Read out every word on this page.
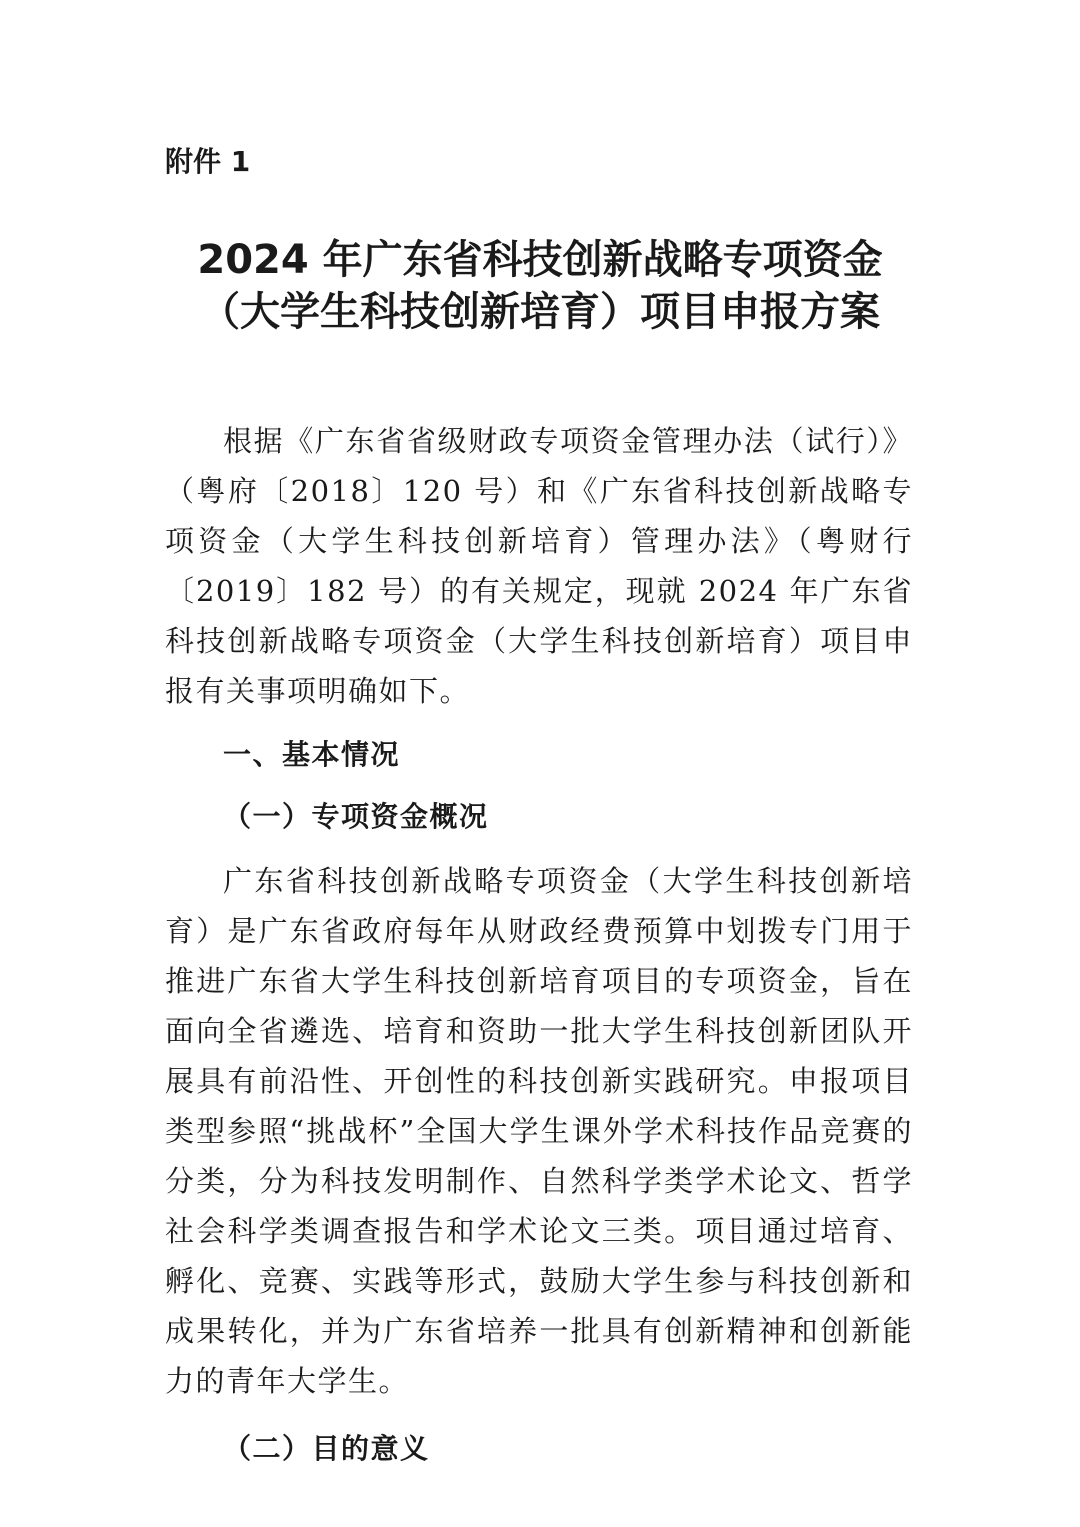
附件 1

2024 年广东省科技创新战略专项资金
（大学生科技创新培育）项目申报方案

根据《广东省省级财政专项资金管理办法（试行）》（粤府〔2018〕120 号）和《广东省科技创新战略专项资金（大学生科技创新培育）管理办法》（粤财行〔2019〕182 号）的有关规定，现就 2024 年广东省科技创新战略专项资金（大学生科技创新培育）项目申报有关事项明确如下。

一、基本情况

（一）专项资金概况

广东省科技创新战略专项资金（大学生科技创新培育）是广东省政府每年从财政经费预算中划拨专门用于推进广东省大学生科技创新培育项目的专项资金，旨在面向全省遴选、培育和资助一批大学生科技创新团队开展具有前沿性、开创性的科技创新实践研究。申报项目类型参照“挑战杯”全国大学生课外学术科技作品竞赛的分类，分为科技发明制作、自然科学类学术论文、哲学社会科学类调查报告和学术论文三类。项目通过培育、孵化、竞赛、实践等形式，鼓励大学生参与科技创新和成果转化，并为广东省培养一批具有创新精神和创新能力的青年大学生。

（二）目的意义
